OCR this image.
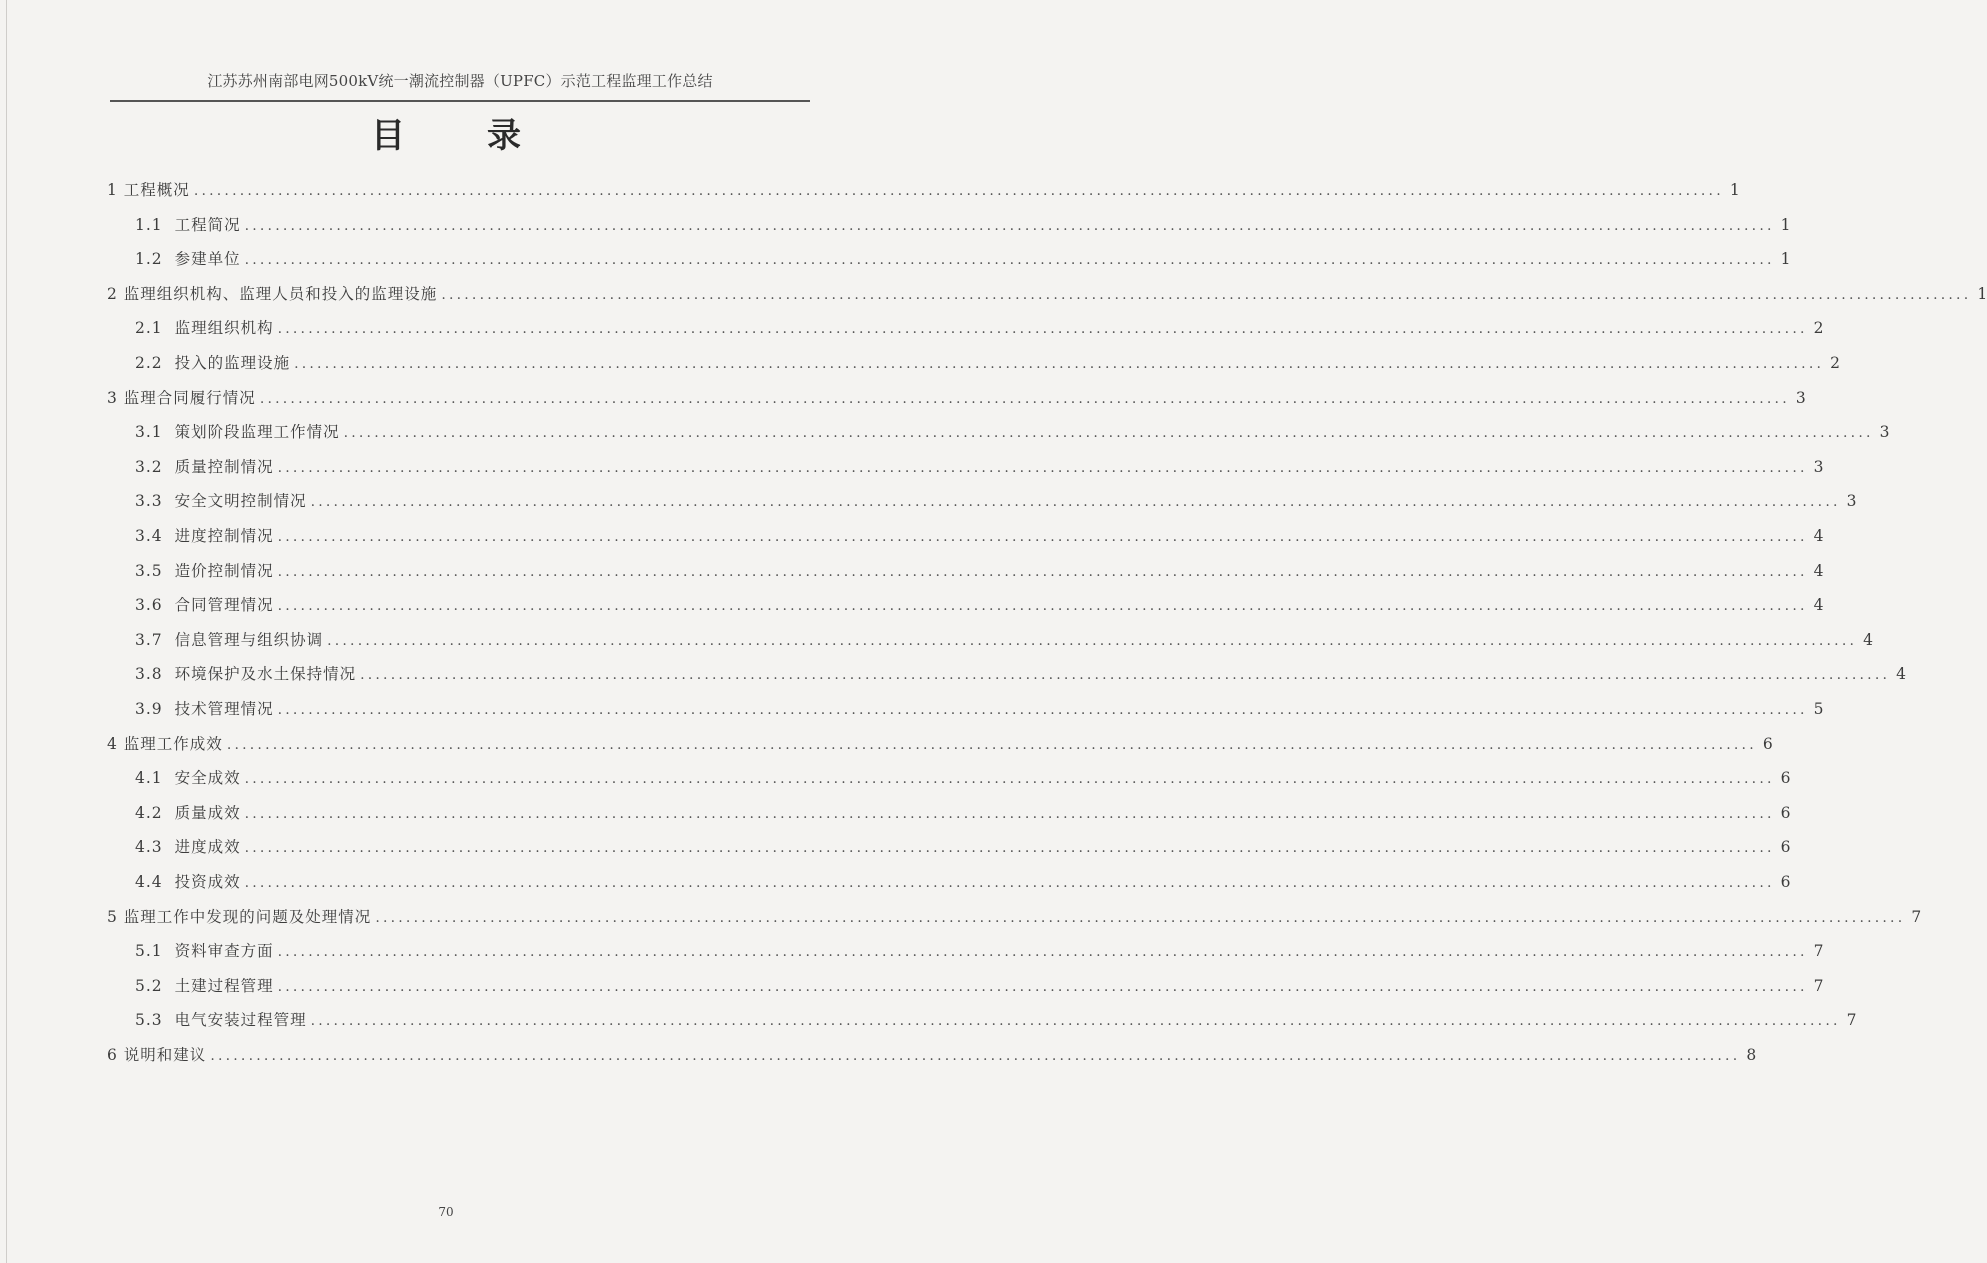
江苏苏州南部电网500kV统一潮流控制器（UPFC）示范工程监理工作总结
目录
1 工程概况 ........................................................................................................................................................................................................ 1
1.1 工程简况 ........................................................................................................................................................................................................ 1
1.2 参建单位 ........................................................................................................................................................................................................ 1
2 监理组织机构、监理人员和投入的监理设施 ........................................................................................................................................................................................................ 1
2.1 监理组织机构 ........................................................................................................................................................................................................ 2
2.2 投入的监理设施 ........................................................................................................................................................................................................ 2
3 监理合同履行情况 ........................................................................................................................................................................................................ 3
3.1 策划阶段监理工作情况 ........................................................................................................................................................................................................ 3
3.2 质量控制情况 ........................................................................................................................................................................................................ 3
3.3 安全文明控制情况 ........................................................................................................................................................................................................ 3
3.4 进度控制情况 ........................................................................................................................................................................................................ 4
3.5 造价控制情况 ........................................................................................................................................................................................................ 4
3.6 合同管理情况 ........................................................................................................................................................................................................ 4
3.7 信息管理与组织协调 ........................................................................................................................................................................................................ 4
3.8 环境保护及水土保持情况 ........................................................................................................................................................................................................ 4
3.9 技术管理情况 ........................................................................................................................................................................................................ 5
4 监理工作成效 ........................................................................................................................................................................................................ 6
4.1 安全成效 ........................................................................................................................................................................................................ 6
4.2 质量成效 ........................................................................................................................................................................................................ 6
4.3 进度成效 ........................................................................................................................................................................................................ 6
4.4 投资成效 ........................................................................................................................................................................................................ 6
5 监理工作中发现的问题及处理情况 ........................................................................................................................................................................................................ 7
5.1 资料审查方面 ........................................................................................................................................................................................................ 7
5.2 土建过程管理 ........................................................................................................................................................................................................ 7
5.3 电气安装过程管理 ........................................................................................................................................................................................................ 7
6 说明和建议 ........................................................................................................................................................................................................ 8
70
